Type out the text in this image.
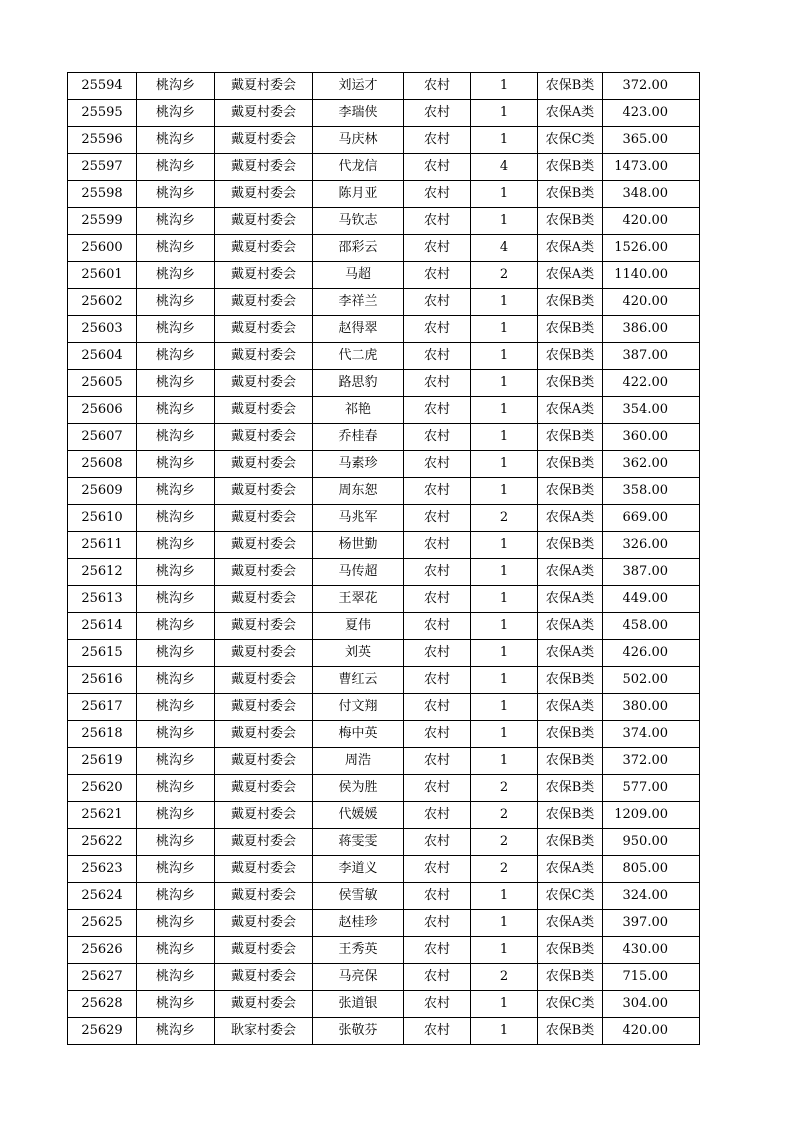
25594	桃沟乡	戴夏村委会	刘运才	农村	1	农保B类	372.00
25595	桃沟乡	戴夏村委会	李瑞侠	农村	1	农保A类	423.00
25596	桃沟乡	戴夏村委会	马庆林	农村	1	农保C类	365.00
25597	桃沟乡	戴夏村委会	代龙信	农村	4	农保B类	1473.00
25598	桃沟乡	戴夏村委会	陈月亚	农村	1	农保B类	348.00
25599	桃沟乡	戴夏村委会	马钦志	农村	1	农保B类	420.00
25600	桃沟乡	戴夏村委会	邵彩云	农村	4	农保A类	1526.00
25601	桃沟乡	戴夏村委会	马超	农村	2	农保A类	1140.00
25602	桃沟乡	戴夏村委会	李祥兰	农村	1	农保B类	420.00
25603	桃沟乡	戴夏村委会	赵得翠	农村	1	农保B类	386.00
25604	桃沟乡	戴夏村委会	代二虎	农村	1	农保B类	387.00
25605	桃沟乡	戴夏村委会	路思豹	农村	1	农保B类	422.00
25606	桃沟乡	戴夏村委会	祁艳	农村	1	农保A类	354.00
25607	桃沟乡	戴夏村委会	乔桂春	农村	1	农保B类	360.00
25608	桃沟乡	戴夏村委会	马素珍	农村	1	农保B类	362.00
25609	桃沟乡	戴夏村委会	周东恕	农村	1	农保B类	358.00
25610	桃沟乡	戴夏村委会	马兆军	农村	2	农保A类	669.00
25611	桃沟乡	戴夏村委会	杨世勤	农村	1	农保B类	326.00
25612	桃沟乡	戴夏村委会	马传超	农村	1	农保A类	387.00
25613	桃沟乡	戴夏村委会	王翠花	农村	1	农保A类	449.00
25614	桃沟乡	戴夏村委会	夏伟	农村	1	农保A类	458.00
25615	桃沟乡	戴夏村委会	刘英	农村	1	农保A类	426.00
25616	桃沟乡	戴夏村委会	曹红云	农村	1	农保B类	502.00
25617	桃沟乡	戴夏村委会	付文翔	农村	1	农保A类	380.00
25618	桃沟乡	戴夏村委会	梅中英	农村	1	农保B类	374.00
25619	桃沟乡	戴夏村委会	周浩	农村	1	农保B类	372.00
25620	桃沟乡	戴夏村委会	侯为胜	农村	2	农保B类	577.00
25621	桃沟乡	戴夏村委会	代媛媛	农村	2	农保B类	1209.00
25622	桃沟乡	戴夏村委会	蒋雯雯	农村	2	农保B类	950.00
25623	桃沟乡	戴夏村委会	李道义	农村	2	农保A类	805.00
25624	桃沟乡	戴夏村委会	侯雪敏	农村	1	农保C类	324.00
25625	桃沟乡	戴夏村委会	赵桂珍	农村	1	农保A类	397.00
25626	桃沟乡	戴夏村委会	王秀英	农村	1	农保B类	430.00
25627	桃沟乡	戴夏村委会	马亮保	农村	2	农保B类	715.00
25628	桃沟乡	戴夏村委会	张道银	农村	1	农保C类	304.00
25629	桃沟乡	耿家村委会	张敬芬	农村	1	农保B类	420.00
